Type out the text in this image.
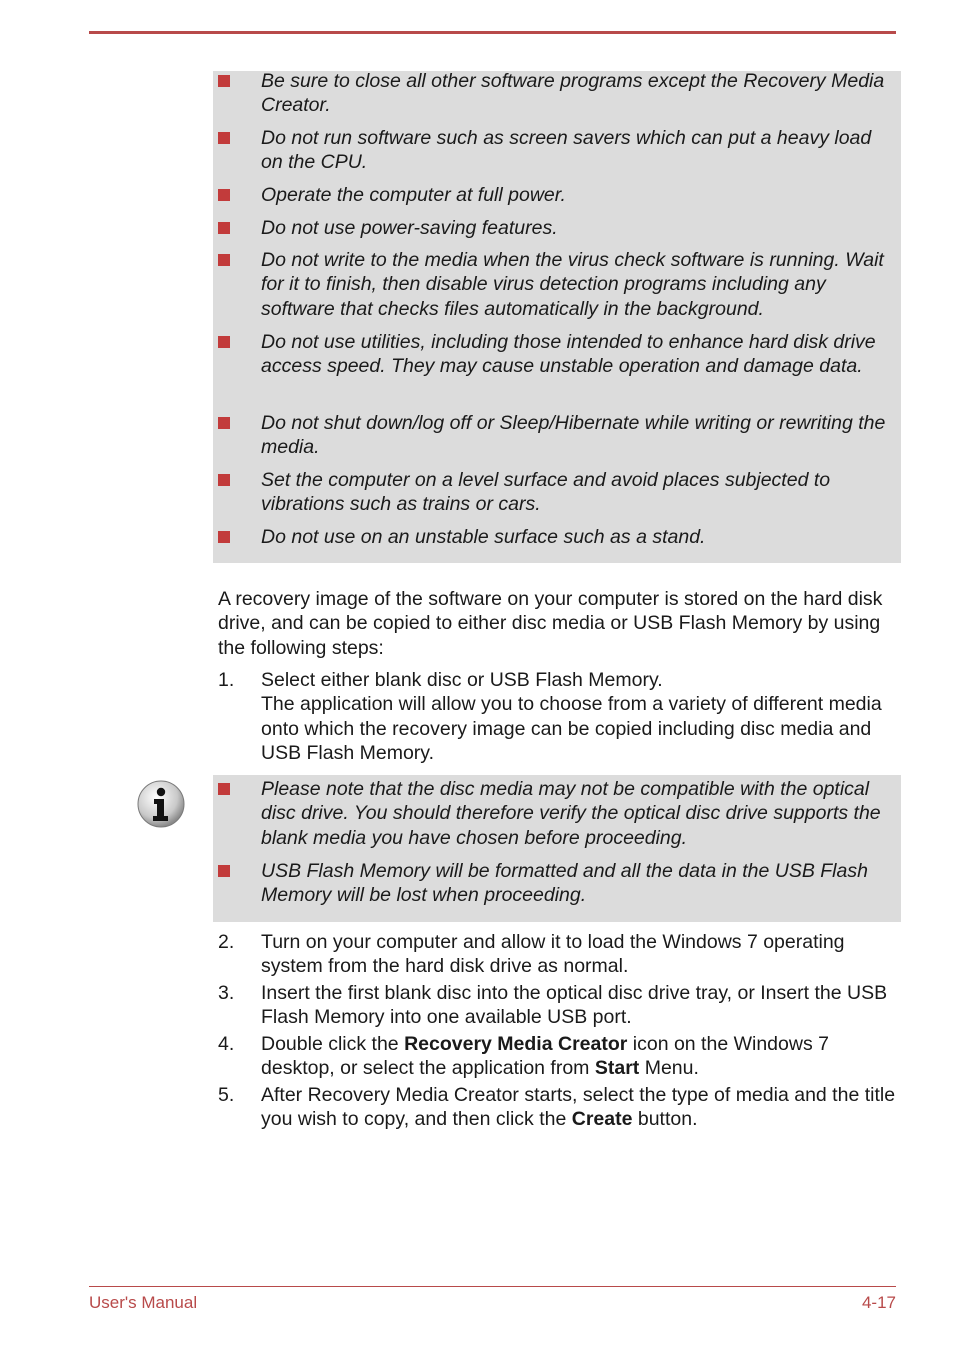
Be sure to close all other software programs except the Recovery Media Creator.

Do not run software such as screen savers which can put a heavy load on the CPU.

Operate the computer at full power.

Do not use power-saving features.

Do not write to the media when the virus check software is running. Wait for it to finish, then disable virus detection programs including any software that checks files automatically in the background.

Do not use utilities, including those intended to enhance hard disk drive access speed. They may cause unstable operation and damage data.

Do not shut down/log off or Sleep/Hibernate while writing or rewriting the media.

Set the computer on a level surface and avoid places subjected to vibrations such as trains or cars.

Do not use on an unstable surface such as a stand.

A recovery image of the software on your computer is stored on the hard disk drive, and can be copied to either disc media or USB Flash Memory by using the following steps:

1. Select either blank disc or USB Flash Memory.
The application will allow you to choose from a variety of different media onto which the recovery image can be copied including disc media and USB Flash Memory.

Please note that the disc media may not be compatible with the optical disc drive. You should therefore verify the optical disc drive supports the blank media you have chosen before proceeding.

USB Flash Memory will be formatted and all the data in the USB Flash Memory will be lost when proceeding.

2. Turn on your computer and allow it to load the Windows 7 operating system from the hard disk drive as normal.

3. Insert the first blank disc into the optical disc drive tray, or Insert the USB Flash Memory into one available USB port.

4. Double click the Recovery Media Creator icon on the Windows 7 desktop, or select the application from Start Menu.

5. After Recovery Media Creator starts, select the type of media and the title you wish to copy, and then click the Create button.

User's Manual	4-17
